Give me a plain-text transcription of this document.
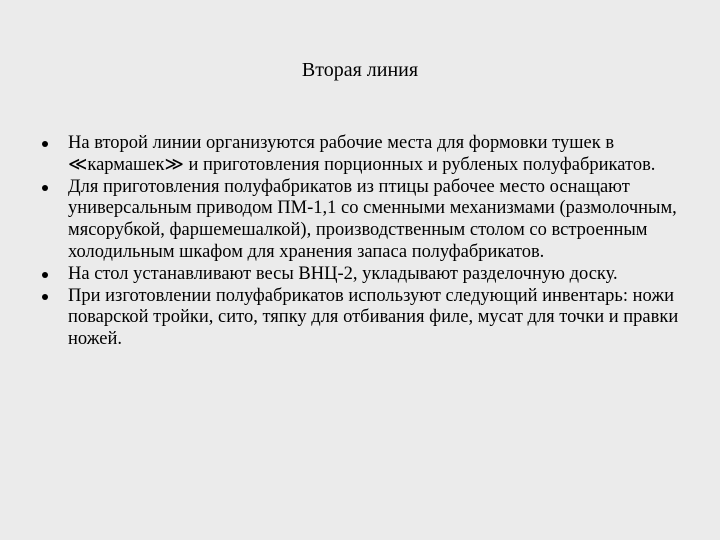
Вторая линия
На второй линии организуются рабочие места для формовки тушек в ≪кармашек≫ и приготовления порционных и рубленых полуфабрикатов.
Для приготовления полуфабрикатов из птицы рабочее место оснащают универсальным приводом ПМ-1,1 со сменными механизмами (размолочным, мясорубкой, фаршемешалкой), производственным столом со встроенным холодильным шкафом для хранения запаса полуфабрикатов.
На стол устанавливают весы ВНЦ-2, укладывают разделочную доску.
При изготовлении полуфабрикатов используют следующий инвентарь: ножи поварской тройки, сито, тяпку для отбивания филе, мусат для точки и правки ножей.
